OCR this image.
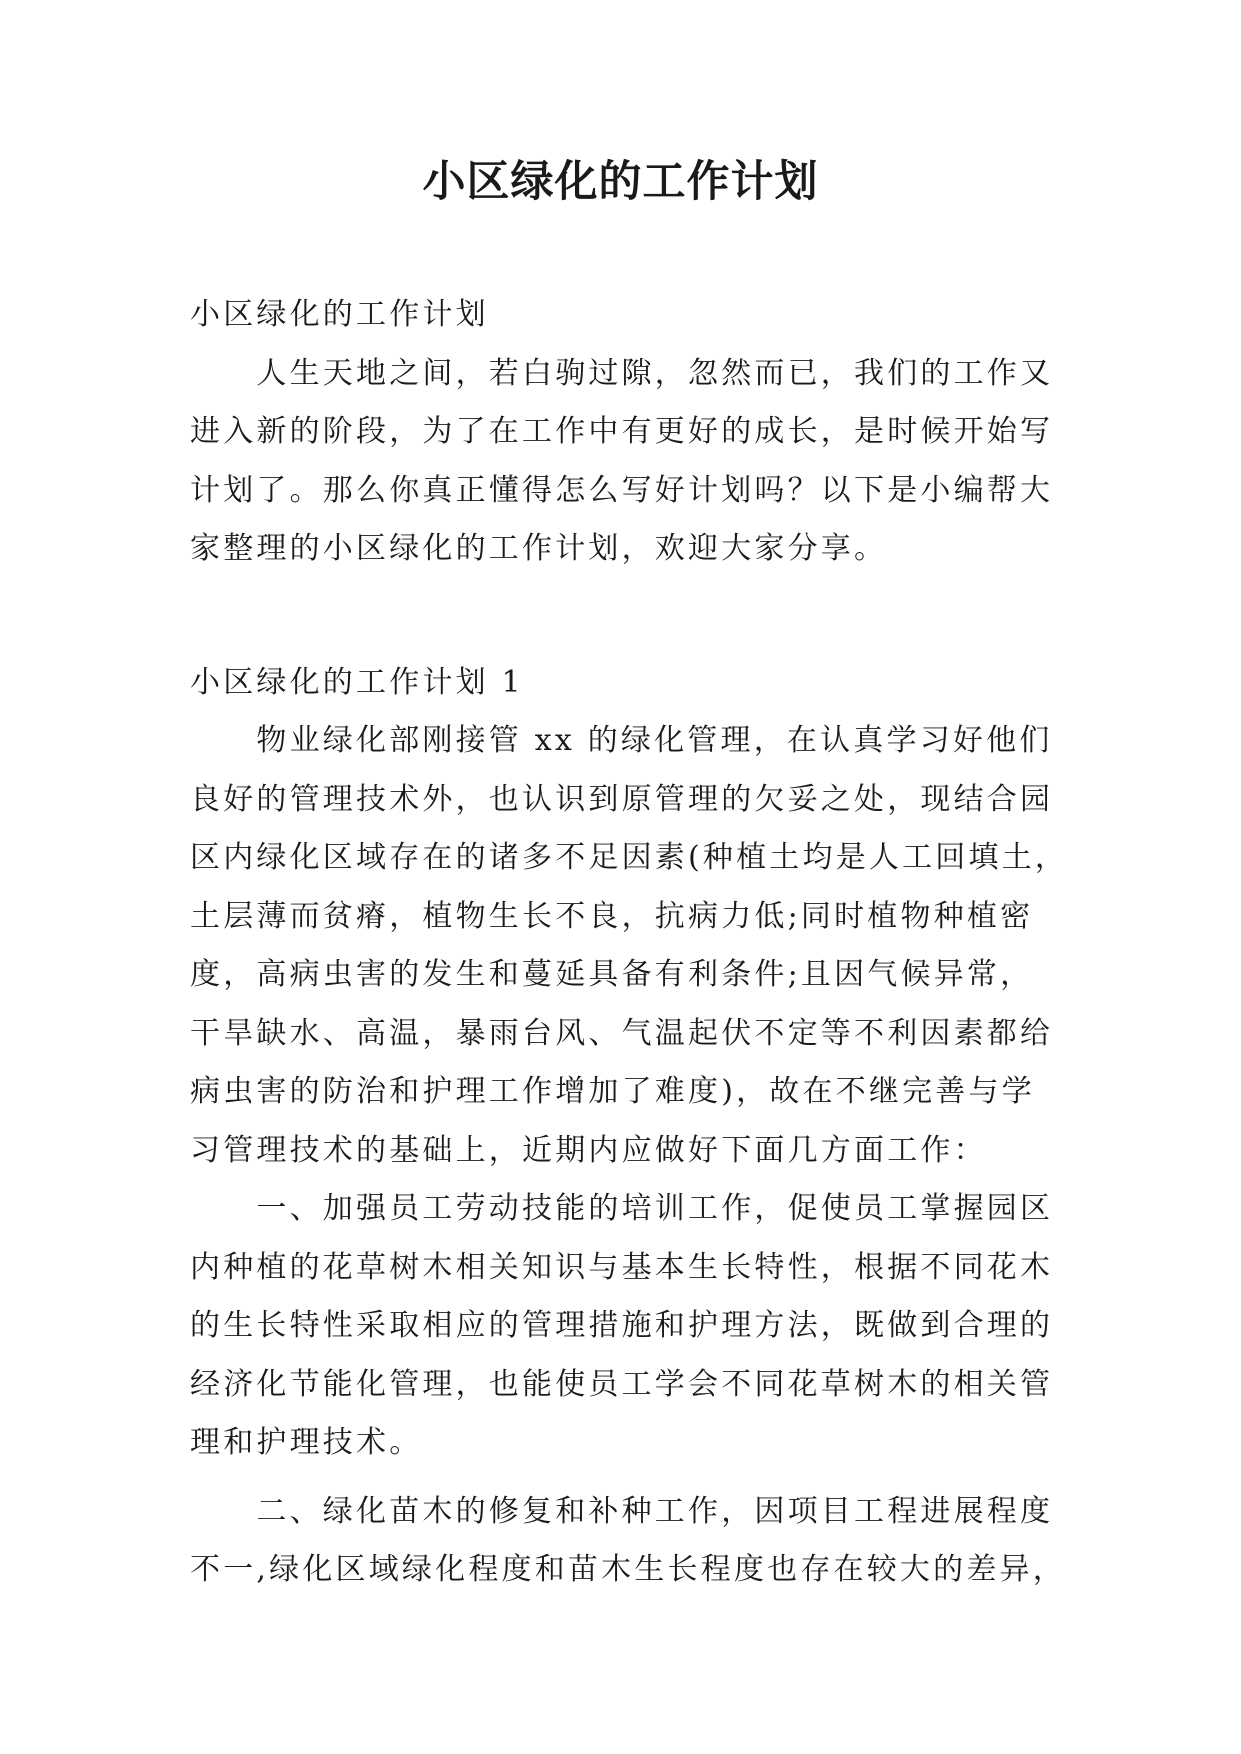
小区绿化的工作计划
小区绿化的工作计划
　　人生天地之间，若白驹过隙，忽然而已，我们的工作又
进入新的阶段，为了在工作中有更好的成长，是时候开始写
计划了。那么你真正懂得怎么写好计划吗？以下是小编帮大
家整理的小区绿化的工作计划，欢迎大家分享。
小区绿化的工作计划 1
　　物业绿化部刚接管 xx 的绿化管理，在认真学习好他们
良好的管理技术外，也认识到原管理的欠妥之处，现结合园
区内绿化区域存在的诸多不足因素(种植土均是人工回填土，
土层薄而贫瘠，植物生长不良，抗病力低;同时植物种植密
度，高病虫害的发生和蔓延具备有利条件;且因气候异常，
干旱缺水、高温，暴雨台风、气温起伏不定等不利因素都给
病虫害的防治和护理工作增加了难度)，故在不继完善与学
习管理技术的基础上，近期内应做好下面几方面工作：
　　一、加强员工劳动技能的培训工作，促使员工掌握园区
内种植的花草树木相关知识与基本生长特性，根据不同花木
的生长特性采取相应的管理措施和护理方法，既做到合理的
经济化节能化管理，也能使员工学会不同花草树木的相关管
理和护理技术。
　　二、绿化苗木的修复和补种工作，因项目工程进展程度
不一,绿化区域绿化程度和苗木生长程度也存在较大的差异，
